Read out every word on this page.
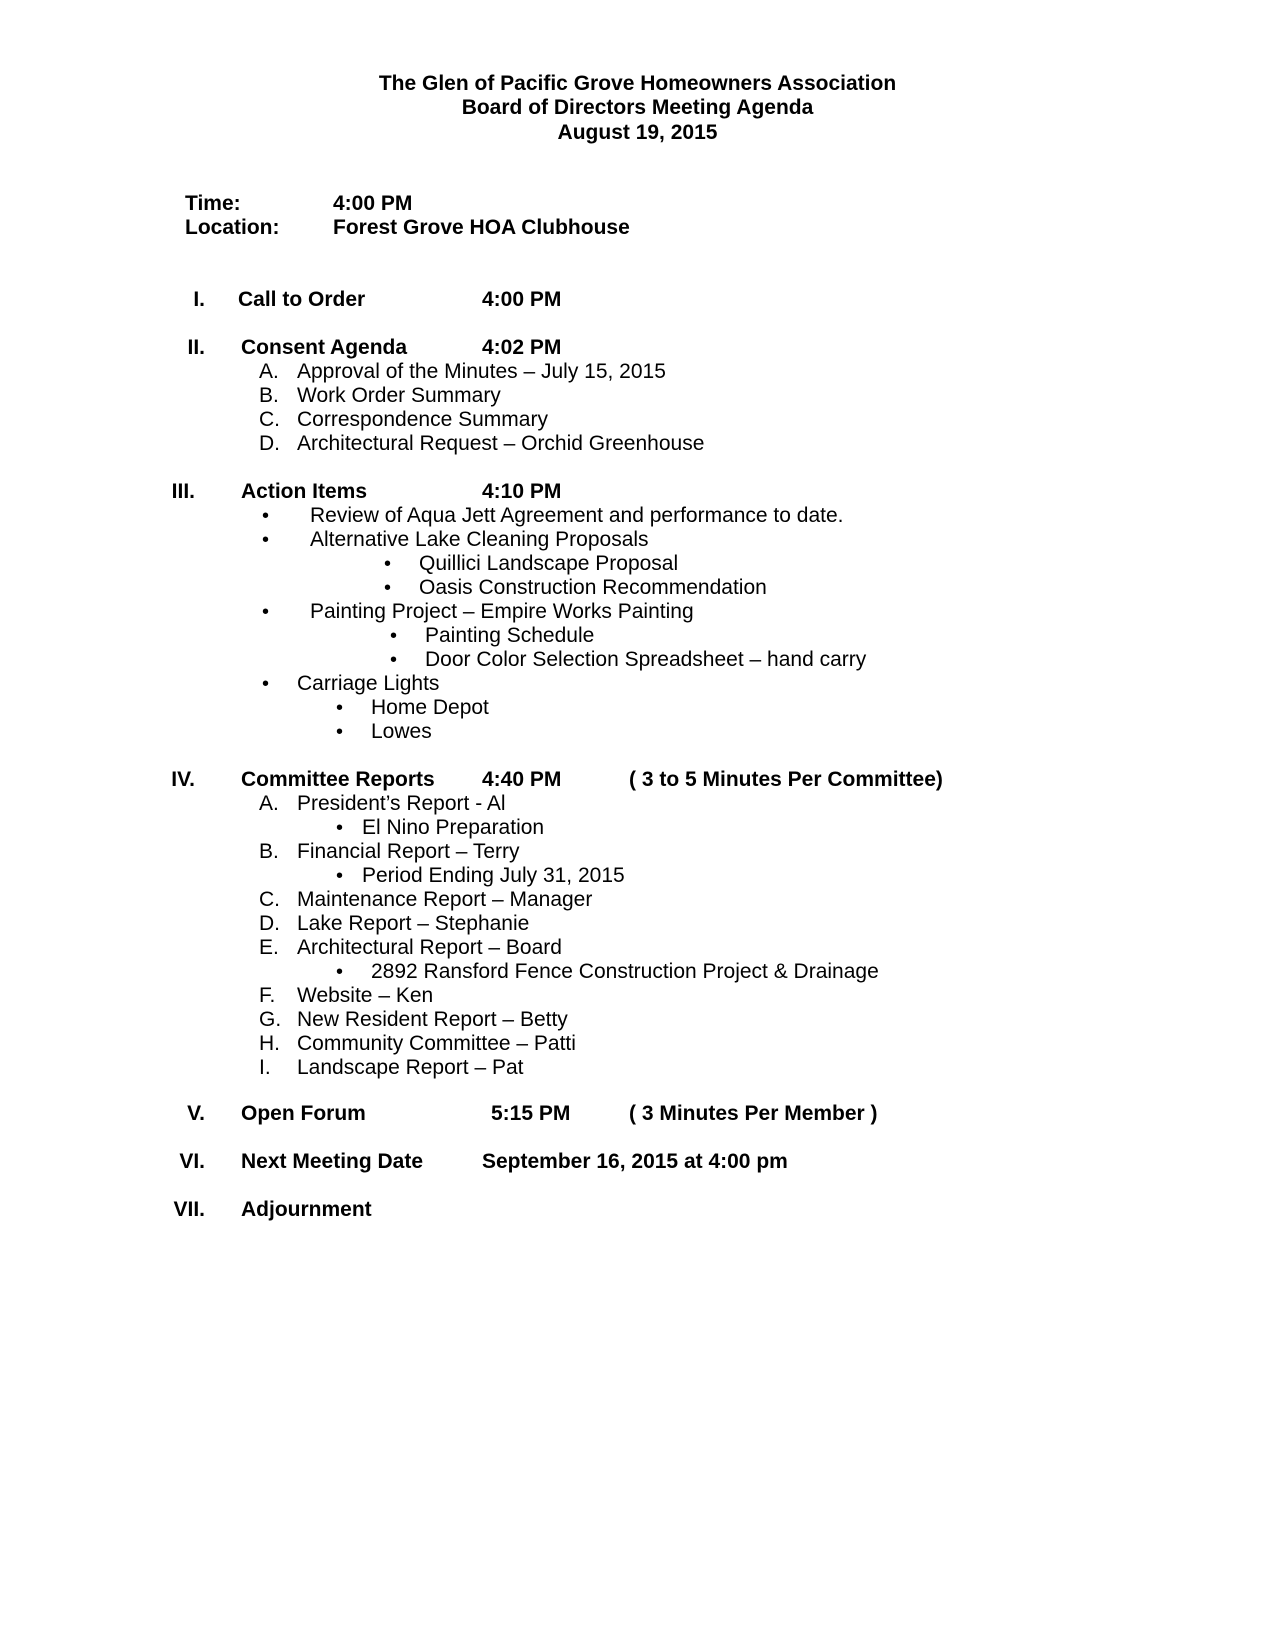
The Glen of Pacific Grove Homeowners Association
Board of Directors Meeting Agenda
August 19, 2015
Time:	4:00 PM
Location:	Forest Grove HOA Clubhouse
I. Call to Order	4:00 PM
II. Consent Agenda	4:02 PM
A. Approval of the Minutes – July 15, 2015
B. Work Order Summary
C. Correspondence Summary
D. Architectural Request – Orchid Greenhouse
III. Action Items	4:10 PM
• Review of Aqua Jett Agreement and performance to date.
• Alternative Lake Cleaning Proposals
• Quillici Landscape Proposal
• Oasis Construction Recommendation
• Painting Project – Empire Works Painting
• Painting Schedule
• Door Color Selection Spreadsheet – hand carry
• Carriage Lights
• Home Depot
• Lowes
IV. Committee Reports 4:40 PM	( 3 to 5 Minutes Per Committee)
A. President’s Report - Al
• El Nino Preparation
B. Financial Report – Terry
• Period Ending July 31, 2015
C. Maintenance Report – Manager
D. Lake Report – Stephanie
E. Architectural Report – Board
• 2892 Ransford Fence Construction Project & Drainage
F. Website – Ken
G. New Resident Report – Betty
H. Community Committee – Patti
I. Landscape Report – Pat
V. Open Forum	5:15 PM	( 3 Minutes Per Member )
VI. Next Meeting Date	September 16, 2015 at 4:00 pm
VII. Adjournment
